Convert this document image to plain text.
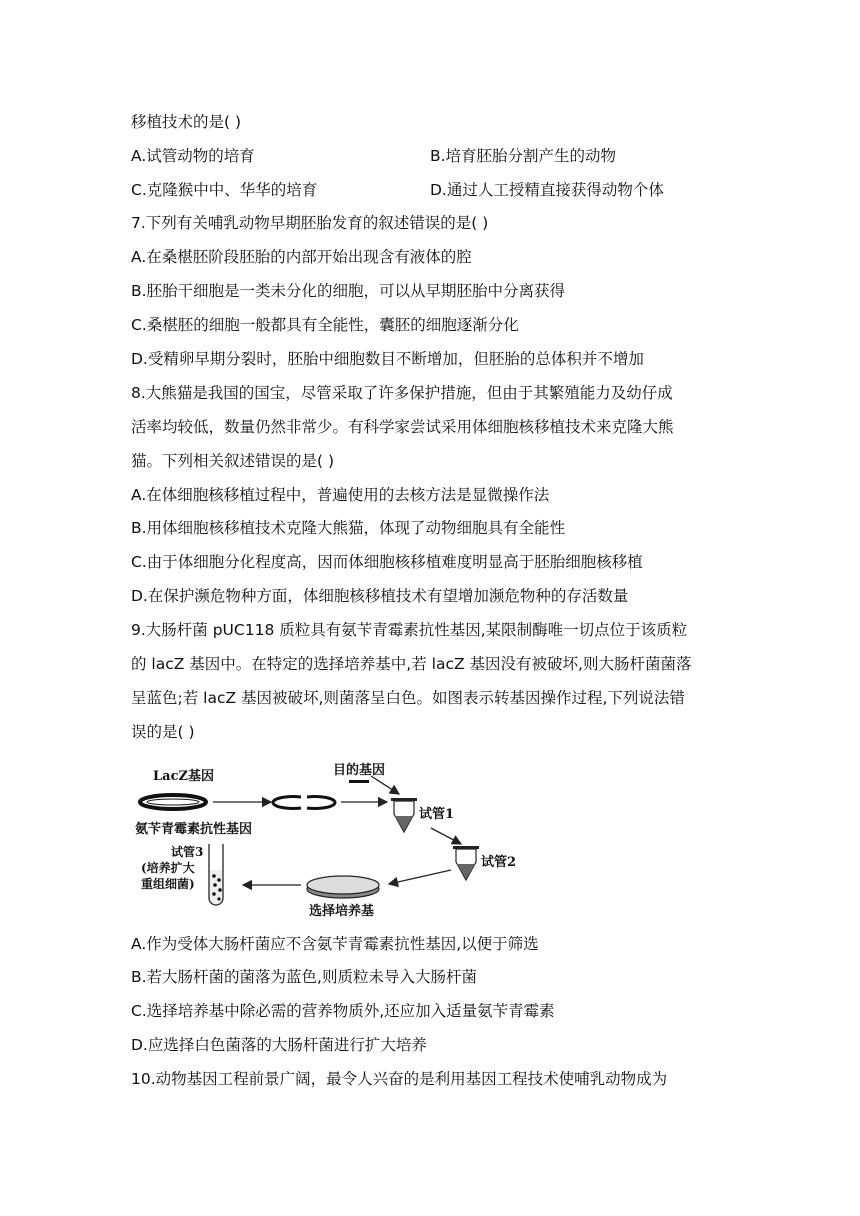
移植技术的是( )
A.试管动物的培育	B.培育胚胎分割产生的动物
C.克隆猴中中、华华的培育	D.通过人工授精直接获得动物个体
7.下列有关哺乳动物早期胚胎发育的叙述错误的是( )
A.在桑椹胚阶段胚胎的内部开始出现含有液体的腔
B.胚胎干细胞是一类未分化的细胞，可以从早期胚胎中分离获得
C.桑椹胚的细胞一般都具有全能性，囊胚的细胞逐渐分化
D.受精卵早期分裂时，胚胎中细胞数目不断增加，但胚胎的总体积并不增加
8.大熊猫是我国的国宝，尽管采取了许多保护措施，但由于其繁殖能力及幼仔成
活率均较低，数量仍然非常少。有科学家尝试采用体细胞核移植技术来克隆大熊
猫。下列相关叙述错误的是( )
A.在体细胞核移植过程中，普遍使用的去核方法是显微操作法
B.用体细胞核移植技术克隆大熊猫，体现了动物细胞具有全能性
C.由于体细胞分化程度高，因而体细胞核移植难度明显高于胚胎细胞核移植
D.在保护濒危物种方面，体细胞核移植技术有望增加濒危物种的存活数量
9.大肠杆菌 pUC118 质粒具有氨苄青霉素抗性基因,某限制酶唯一切点位于该质粒
的 lacZ 基因中。在特定的选择培养基中,若 lacZ 基因没有被破坏,则大肠杆菌菌落
呈蓝色;若 lacZ 基因被破坏,则菌落呈白色。如图表示转基因操作过程,下列说法错
误的是( )
LacZ基因
氨苄青霉素抗性基因
目的基因
试管1
试管2
选择培养基
试管3
(培养扩大
重组细菌)
A.作为受体大肠杆菌应不含氨苄青霉素抗性基因,以便于筛选
B.若大肠杆菌的菌落为蓝色,则质粒未导入大肠杆菌
C.选择培养基中除必需的营养物质外,还应加入适量氨苄青霉素
D.应选择白色菌落的大肠杆菌进行扩大培养
10.动物基因工程前景广阔，最令人兴奋的是利用基因工程技术使哺乳动物成为
